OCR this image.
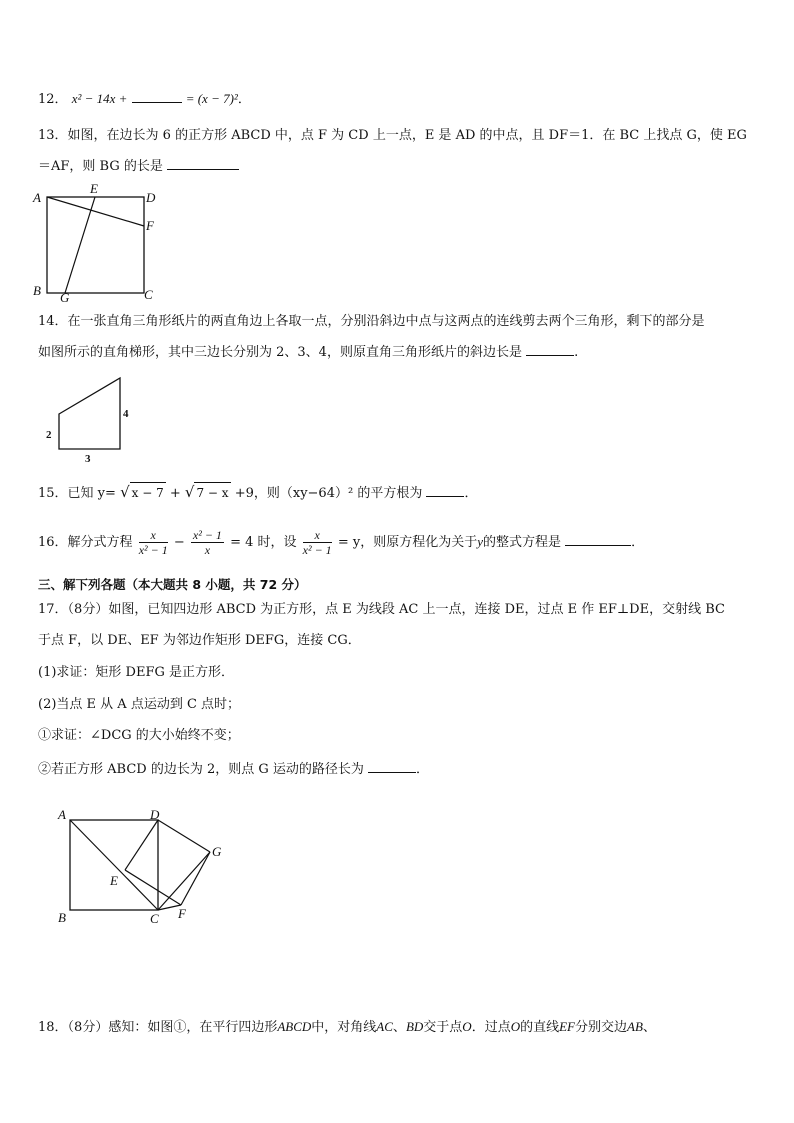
12． x² − 14x +	= (x − 7)²．
13．如图，在边长为 6 的正方形 ABCD 中，点 F 为 CD 上一点，E 是 AD 的中点，且 DF＝1．在 BC 上找点 G，使 EG
＝AF，则 BG 的长是
A
E
D
F
B G	C
14．在一张直角三角形纸片的两直角边上各取一点，分别沿斜边中点与这两点的连线剪去两个三角形，剩下的部分是
如图所示的直角梯形，其中三边长分别为 2、3、4，则原直角三角形纸片的斜边长是	.
2
3
4
15．已知 y= √ x − 7 + √ 7 − x +9，则（xy−64）² 的平方根为	．
16．解分式方程 $\frac{x}{\text{x² − 1}} - \frac{\text{x² − 1}}{x} = 4$ 时，设 $\frac{x}{\text{x² − 1}} = y$，则原方程化为关于y的整式方程是	．
三、解下列各题（本大题共 8 小题，共 72 分）
17．（8分）如图，已知四边形 ABCD 为正方形，点 E 为线段 AC 上一点，连接 DE，过点 E 作 EF⊥DE，交射线 BC
于点 F，以 DE、EF 为邻边作矩形 DEFG，连接 CG．
(1)求证：矩形 DEFG 是正方形．
(2)当点 E 从 A 点运动到 C 点时；
①求证：∠DCG 的大小始终不变；
②若正方形 ABCD 的边长为 2，则点 G 运动的路径长为	．
A	D
G
E
B	C F
18．（8分）感知：如图①，在平行四边形ABCD中，对角线AC、BD交于点O．过点O的直线EF分别交边AB、
